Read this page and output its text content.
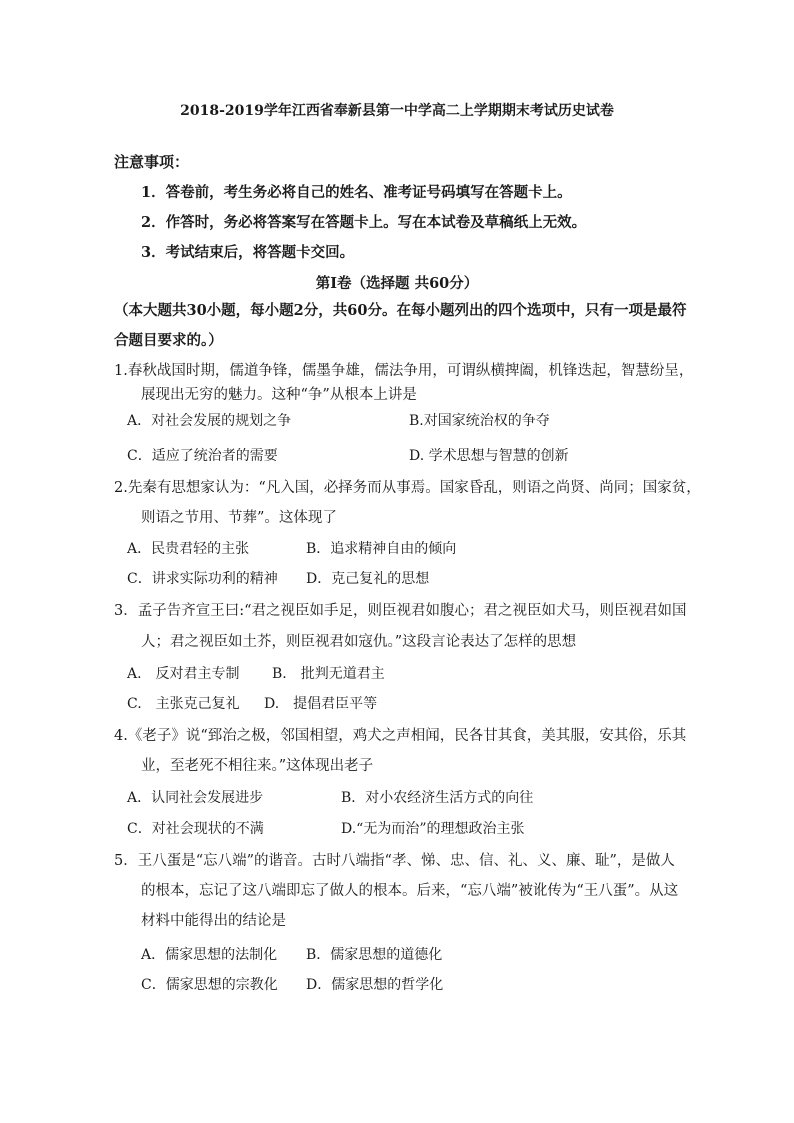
2018-2019学年江西省奉新县第一中学高二上学期期末考试历史试卷
注意事项：
1．答卷前，考生务必将自己的姓名、准考证号码填写在答题卡上。
2．作答时，务必将答案写在答题卡上。写在本试卷及草稿纸上无效。
3．考试结束后，将答题卡交回。
第Ⅰ卷（选择题 共60分）
（本大题共30小题，每小题2分，共60分。在每小题列出的四个选项中，只有一项是最符
合题目要求的。）
1.春秋战国时期，儒道争锋，儒墨争雄，儒法争用，可谓纵横捭阖，机锋迭起，智慧纷呈，
展现出无穷的魅力。这种“争”从根本上讲是
A．对社会发展的规划之争	B.对国家统治权的争夺
C．适应了统治者的需要	D. 学术思想与智慧的创新
2.先秦有思想家认为：“凡入国，必择务而从事焉。国家昏乱，则语之尚贤、尚同；国家贫，
则语之节用、节葬”。这体现了
A．民贵君轻的主张	B．追求精神自由的倾向
C．讲求实际功利的精神 D．克己复礼的思想
3．孟子告齐宣王曰:“君之视臣如手足，则臣视君如腹心；君之视臣如犬马，则臣视君如国
人；君之视臣如土芥，则臣视君如寇仇。”这段言论表达了怎样的思想
A.　反对君主专制 B.　批判无道君主
C.　主张克己复礼 D.　提倡君臣平等
4.《老子》说“郅治之极，邻国相望，鸡犬之声相闻，民各甘其食，美其服，安其俗，乐其
业，至老死不相往来。”这体现出老子
A．认同社会发展进步	B．对小农经济生活方式的向往
C．对社会现状的不满	D.“无为而治”的理想政治主张
5．王八蛋是“忘八端”的谐音。古时八端指“孝、悌、忠、信、礼、义、廉、耻”，是做人
的根本，忘记了这八端即忘了做人的根本。后来，“忘八端”被讹传为“王八蛋”。从这
材料中能得出的结论是
A．儒家思想的法制化 B．儒家思想的道德化
C．儒家思想的宗教化 D．儒家思想的哲学化
